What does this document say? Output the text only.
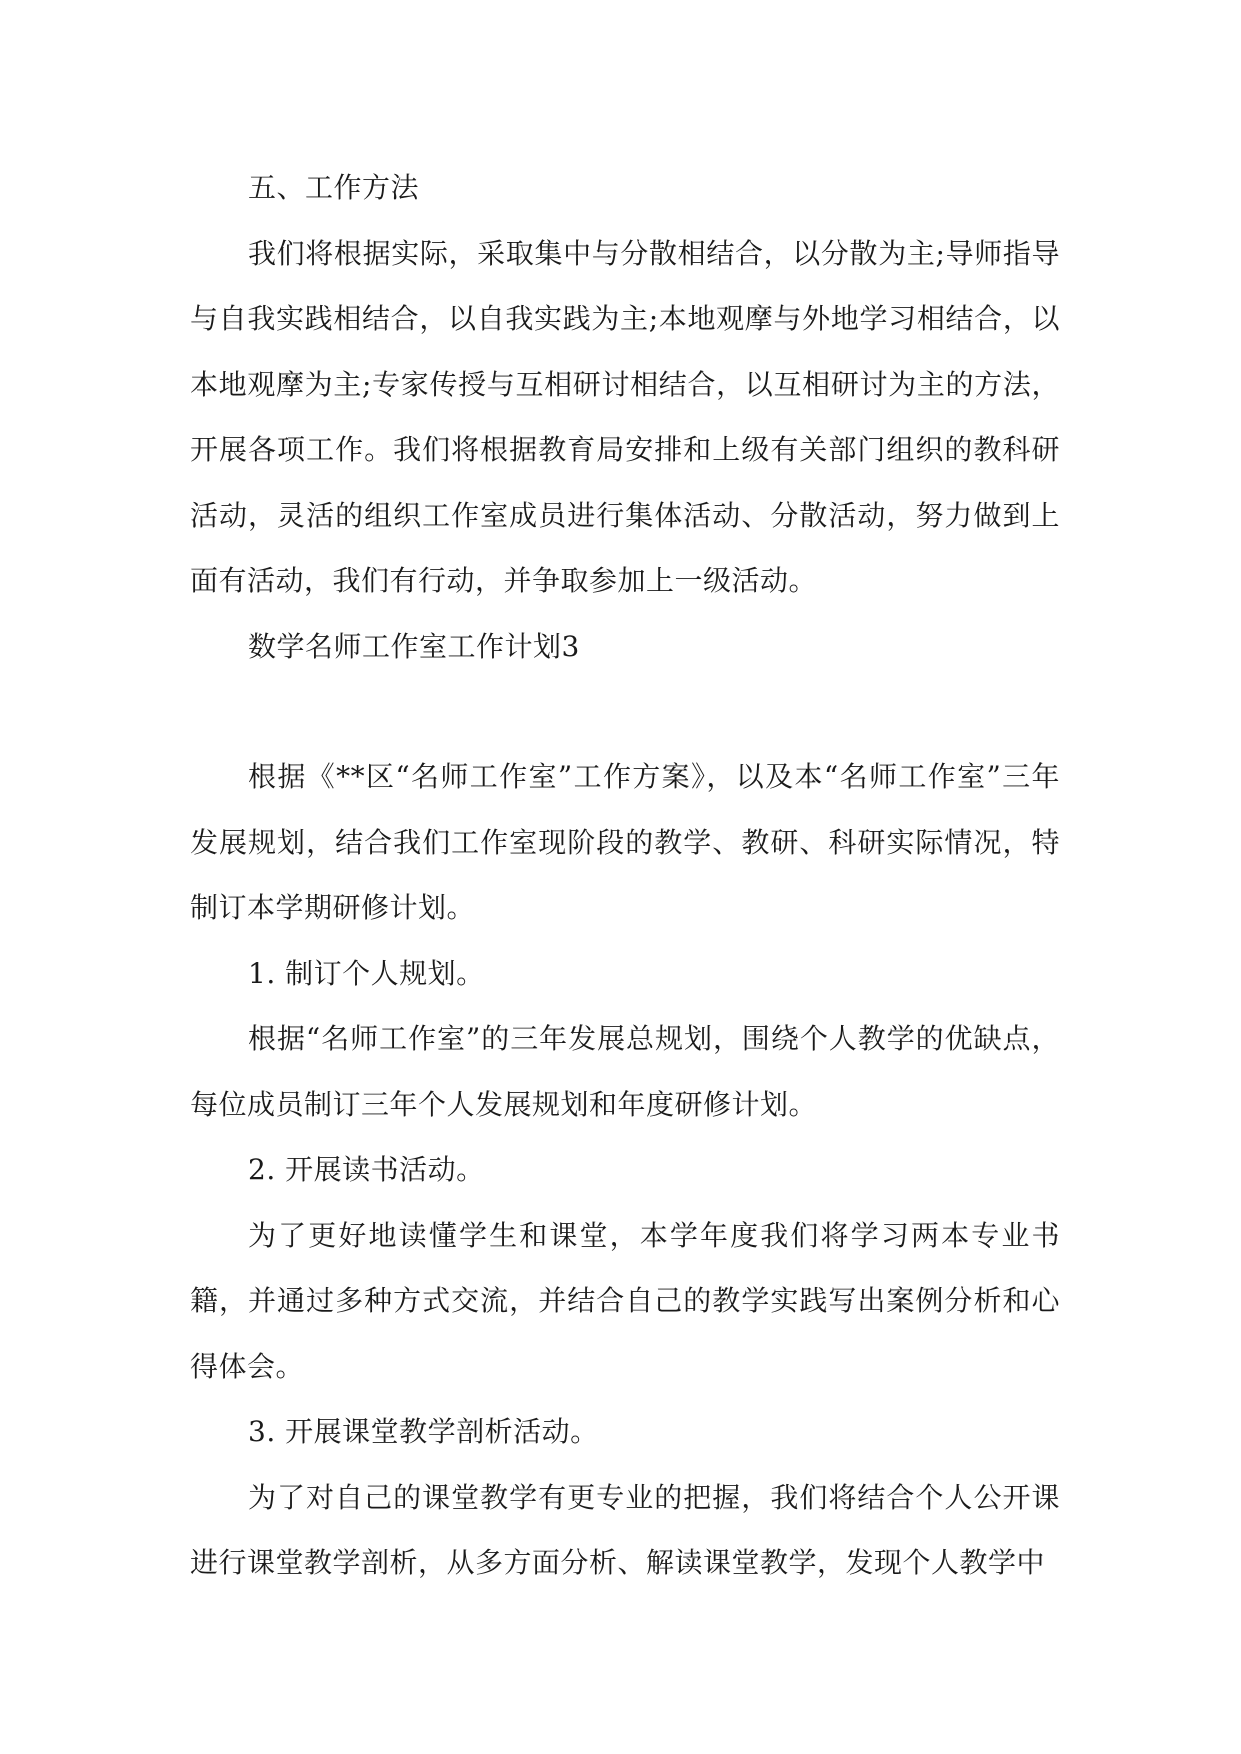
五、工作方法

我们将根据实际，采取集中与分散相结合，以分散为主;导师指导与自我实践相结合，以自我实践为主;本地观摩与外地学习相结合，以本地观摩为主;专家传授与互相研讨相结合，以互相研讨为主的方法，开展各项工作。我们将根据教育局安排和上级有关部门组织的教科研活动，灵活的组织工作室成员进行集体活动、分散活动，努力做到上面有活动，我们有行动，并争取参加上一级活动。

数学名师工作室工作计划3

根据《**区“名师工作室”工作方案》，以及本“名师工作室”三年发展规划，结合我们工作室现阶段的教学、教研、科研实际情况，特制订本学期研修计划。

1. 制订个人规划。

根据“名师工作室”的三年发展总规划，围绕个人教学的优缺点，每位成员制订三年个人发展规划和年度研修计划。

2. 开展读书活动。

为了更好地读懂学生和课堂，本学年度我们将学习两本专业书籍，并通过多种方式交流，并结合自己的教学实践写出案例分析和心得体会。

3. 开展课堂教学剖析活动。

为了对自己的课堂教学有更专业的把握，我们将结合个人公开课进行课堂教学剖析，从多方面分析、解读课堂教学，发现个人教学中
